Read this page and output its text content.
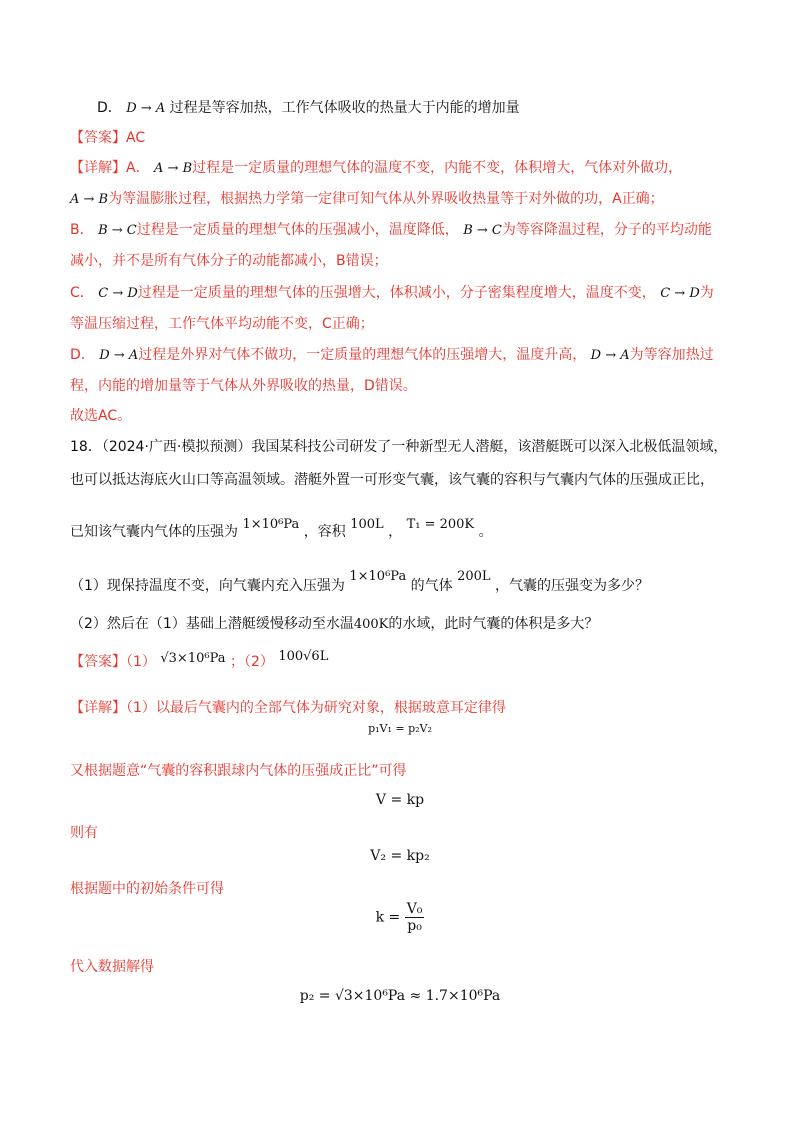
D． D → A 过程是等容加热，工作气体吸收的热量大于内能的增加量
【答案】AC
【详解】A． A → B过程是一定质量的理想气体的温度不变，内能不变，体积增大，气体对外做功，
A → B为等温膨胀过程，根据热力学第一定律可知气体从外界吸收热量等于对外做的功，A正确；
B． B → C过程是一定质量的理想气体的压强减小，温度降低， B → C为等容降温过程，分子的平均动能
减小，并不是所有气体分子的动能都减小，B错误；
C． C → D过程是一定质量的理想气体的压强增大，体积减小，分子密集程度增大，温度不变， C → D为
等温压缩过程，工作气体平均动能不变，C正确；
D． D → A过程是外界对气体不做功，一定质量的理想气体的压强增大，温度升高， D → A为等容加热过
程，内能的增加量等于气体从外界吸收的热量，D错误。
故选AC。
18．（2024·广西·模拟预测）我国某科技公司研发了一种新型无人潜艇，该潜艇既可以深入北极低温领域，
也可以抵达海底火山口等高温领域。潜艇外置一可形变气囊，该气囊的容积与气囊内气体的压强成正比，
已知该气囊内气体的压强为 1×10⁶Pa ，容积 100L ， T₁ = 200K 。
（1）现保持温度不变，向气囊内充入压强为 1×10⁶Pa 的气体 200L ，气囊的压强变为多少？
（2）然后在（1）基础上潜艇缓慢移动至水温400K的水域，此时气囊的体积是多大？
【答案】（1） √3×10⁶Pa ；（2） 100√6L
【详解】（1）以最后气囊内的全部气体为研究对象，根据玻意耳定律得
p₁V₁ = p₂V₂
又根据题意“气囊的容积跟球内气体的压强成正比”可得
V = kp
则有
V₂ = kp₂
根据题中的初始条件可得
$k = \frac{\text{V₀}}{\text{p₀}}$
代入数据解得
p₂ = √3×10⁶Pa ≈ 1.7×10⁶Pa
